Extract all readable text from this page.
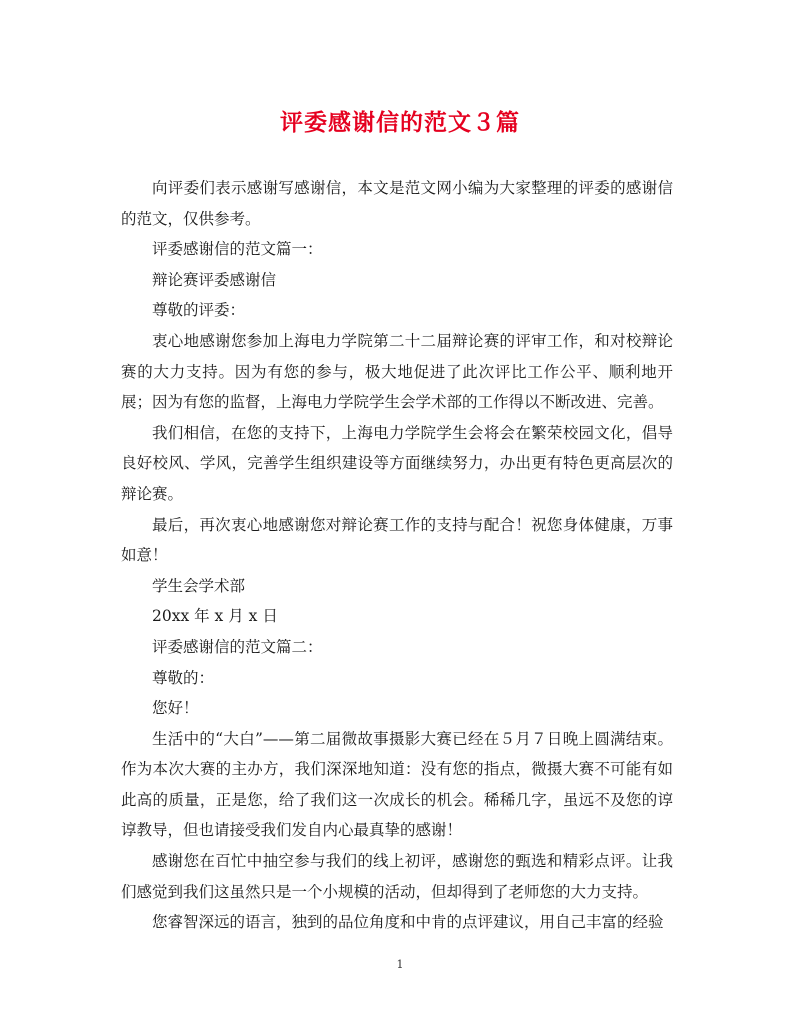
评委感谢信的范文３篇

向评委们表示感谢写感谢信，本文是范文网小编为大家整理的评委的感谢信的范文，仅供参考。

评委感谢信的范文篇一：

辩论赛评委感谢信

尊敬的评委：

衷心地感谢您参加上海电力学院第二十二届辩论赛的评审工作，和对校辩论赛的大力支持。因为有您的参与，极大地促进了此次评比工作公平、顺利地开展；因为有您的监督，上海电力学院学生会学术部的工作得以不断改进、完善。

我们相信，在您的支持下，上海电力学院学生会将会在繁荣校园文化，倡导良好校风、学风，完善学生组织建设等方面继续努力，办出更有特色更高层次的辩论赛。

最后，再次衷心地感谢您对辩论赛工作的支持与配合！祝您身体健康，万事如意！

学生会学术部

20xx 年 x 月 x 日

评委感谢信的范文篇二：

尊敬的：

您好！

生活中的“大白”——第二届微故事摄影大赛已经在５月７日晚上圆满结束。作为本次大赛的主办方，我们深深地知道：没有您的指点，微摄大赛不可能有如此高的质量，正是您，给了我们这一次成长的机会。稀稀几字，虽远不及您的谆谆教导，但也请接受我们发自内心最真挚的感谢！

感谢您在百忙中抽空参与我们的线上初评，感谢您的甄选和精彩点评。让我们感觉到我们这虽然只是一个小规模的活动，但却得到了老师您的大力支持。

您睿智深远的语言，独到的品位角度和中肯的点评建议，用自己丰富的经验

1
